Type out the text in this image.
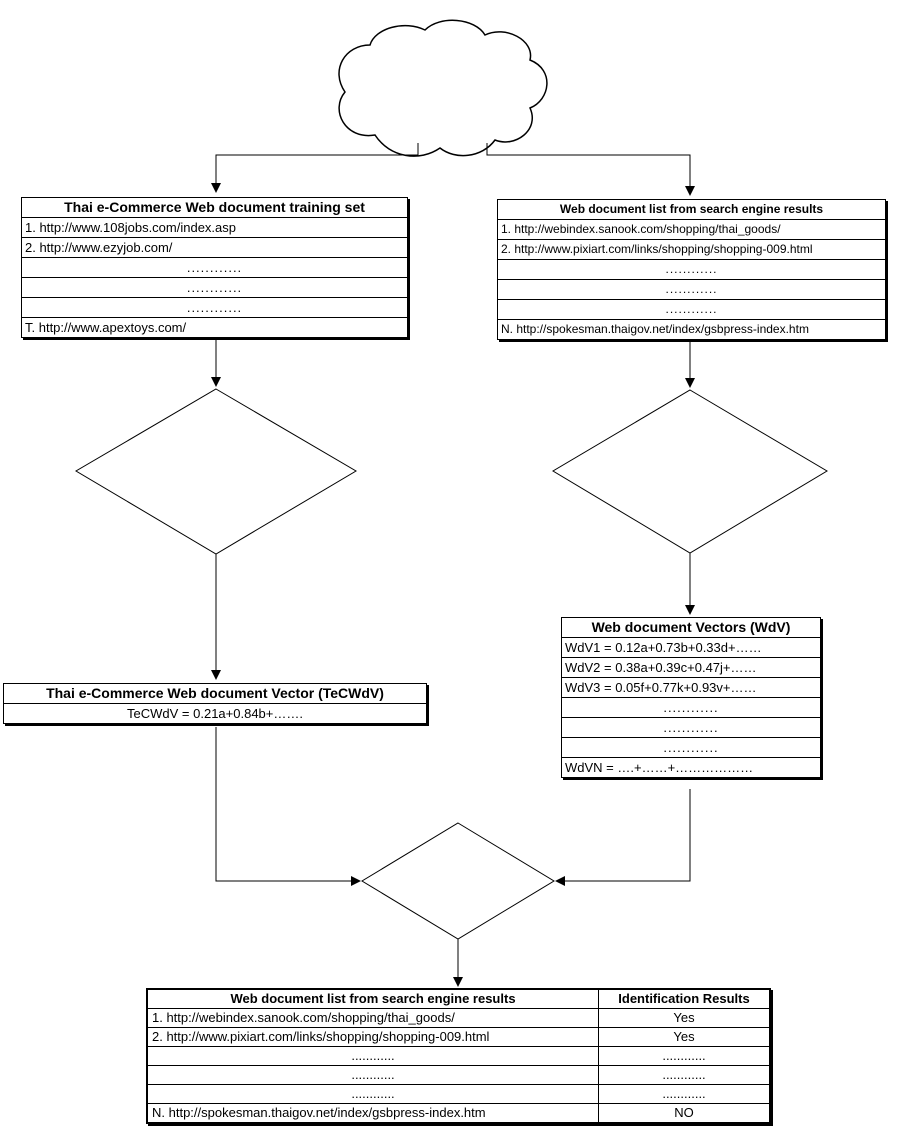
Thai e-Commerce Web document training set
1. http://www.108jobs.com/index.asp
2. http://www.ezyjob.com/
............
............
............
T. http://www.apextoys.com/
Web document list from search engine results
1. http://webindex.sanook.com/shopping/thai_goods/
2. http://www.pixiart.com/links/shopping/shopping-009.html
............
............
............
N. http://spokesman.thaigov.net/index/gsbpress-index.htm
Web document Vectors (WdV)
WdV1 = 0.12a+0.73b+0.33d+……
WdV2 = 0.38a+0.39c+0.47j+……
WdV3 = 0.05f+0.77k+0.93v+……
............
............
............
WdVN = ….+……+………………
Thai e-Commerce Web document Vector (TeCWdV)
TeCWdV = 0.21a+0.84b+…….
Web document list from search engine results	Identification Results
1. http://webindex.sanook.com/shopping/thai_goods/	Yes
2. http://www.pixiart.com/links/shopping/shopping-009.html	Yes
............	............
............	............
............	............
N. http://spokesman.thaigov.net/index/gsbpress-index.htm	NO
